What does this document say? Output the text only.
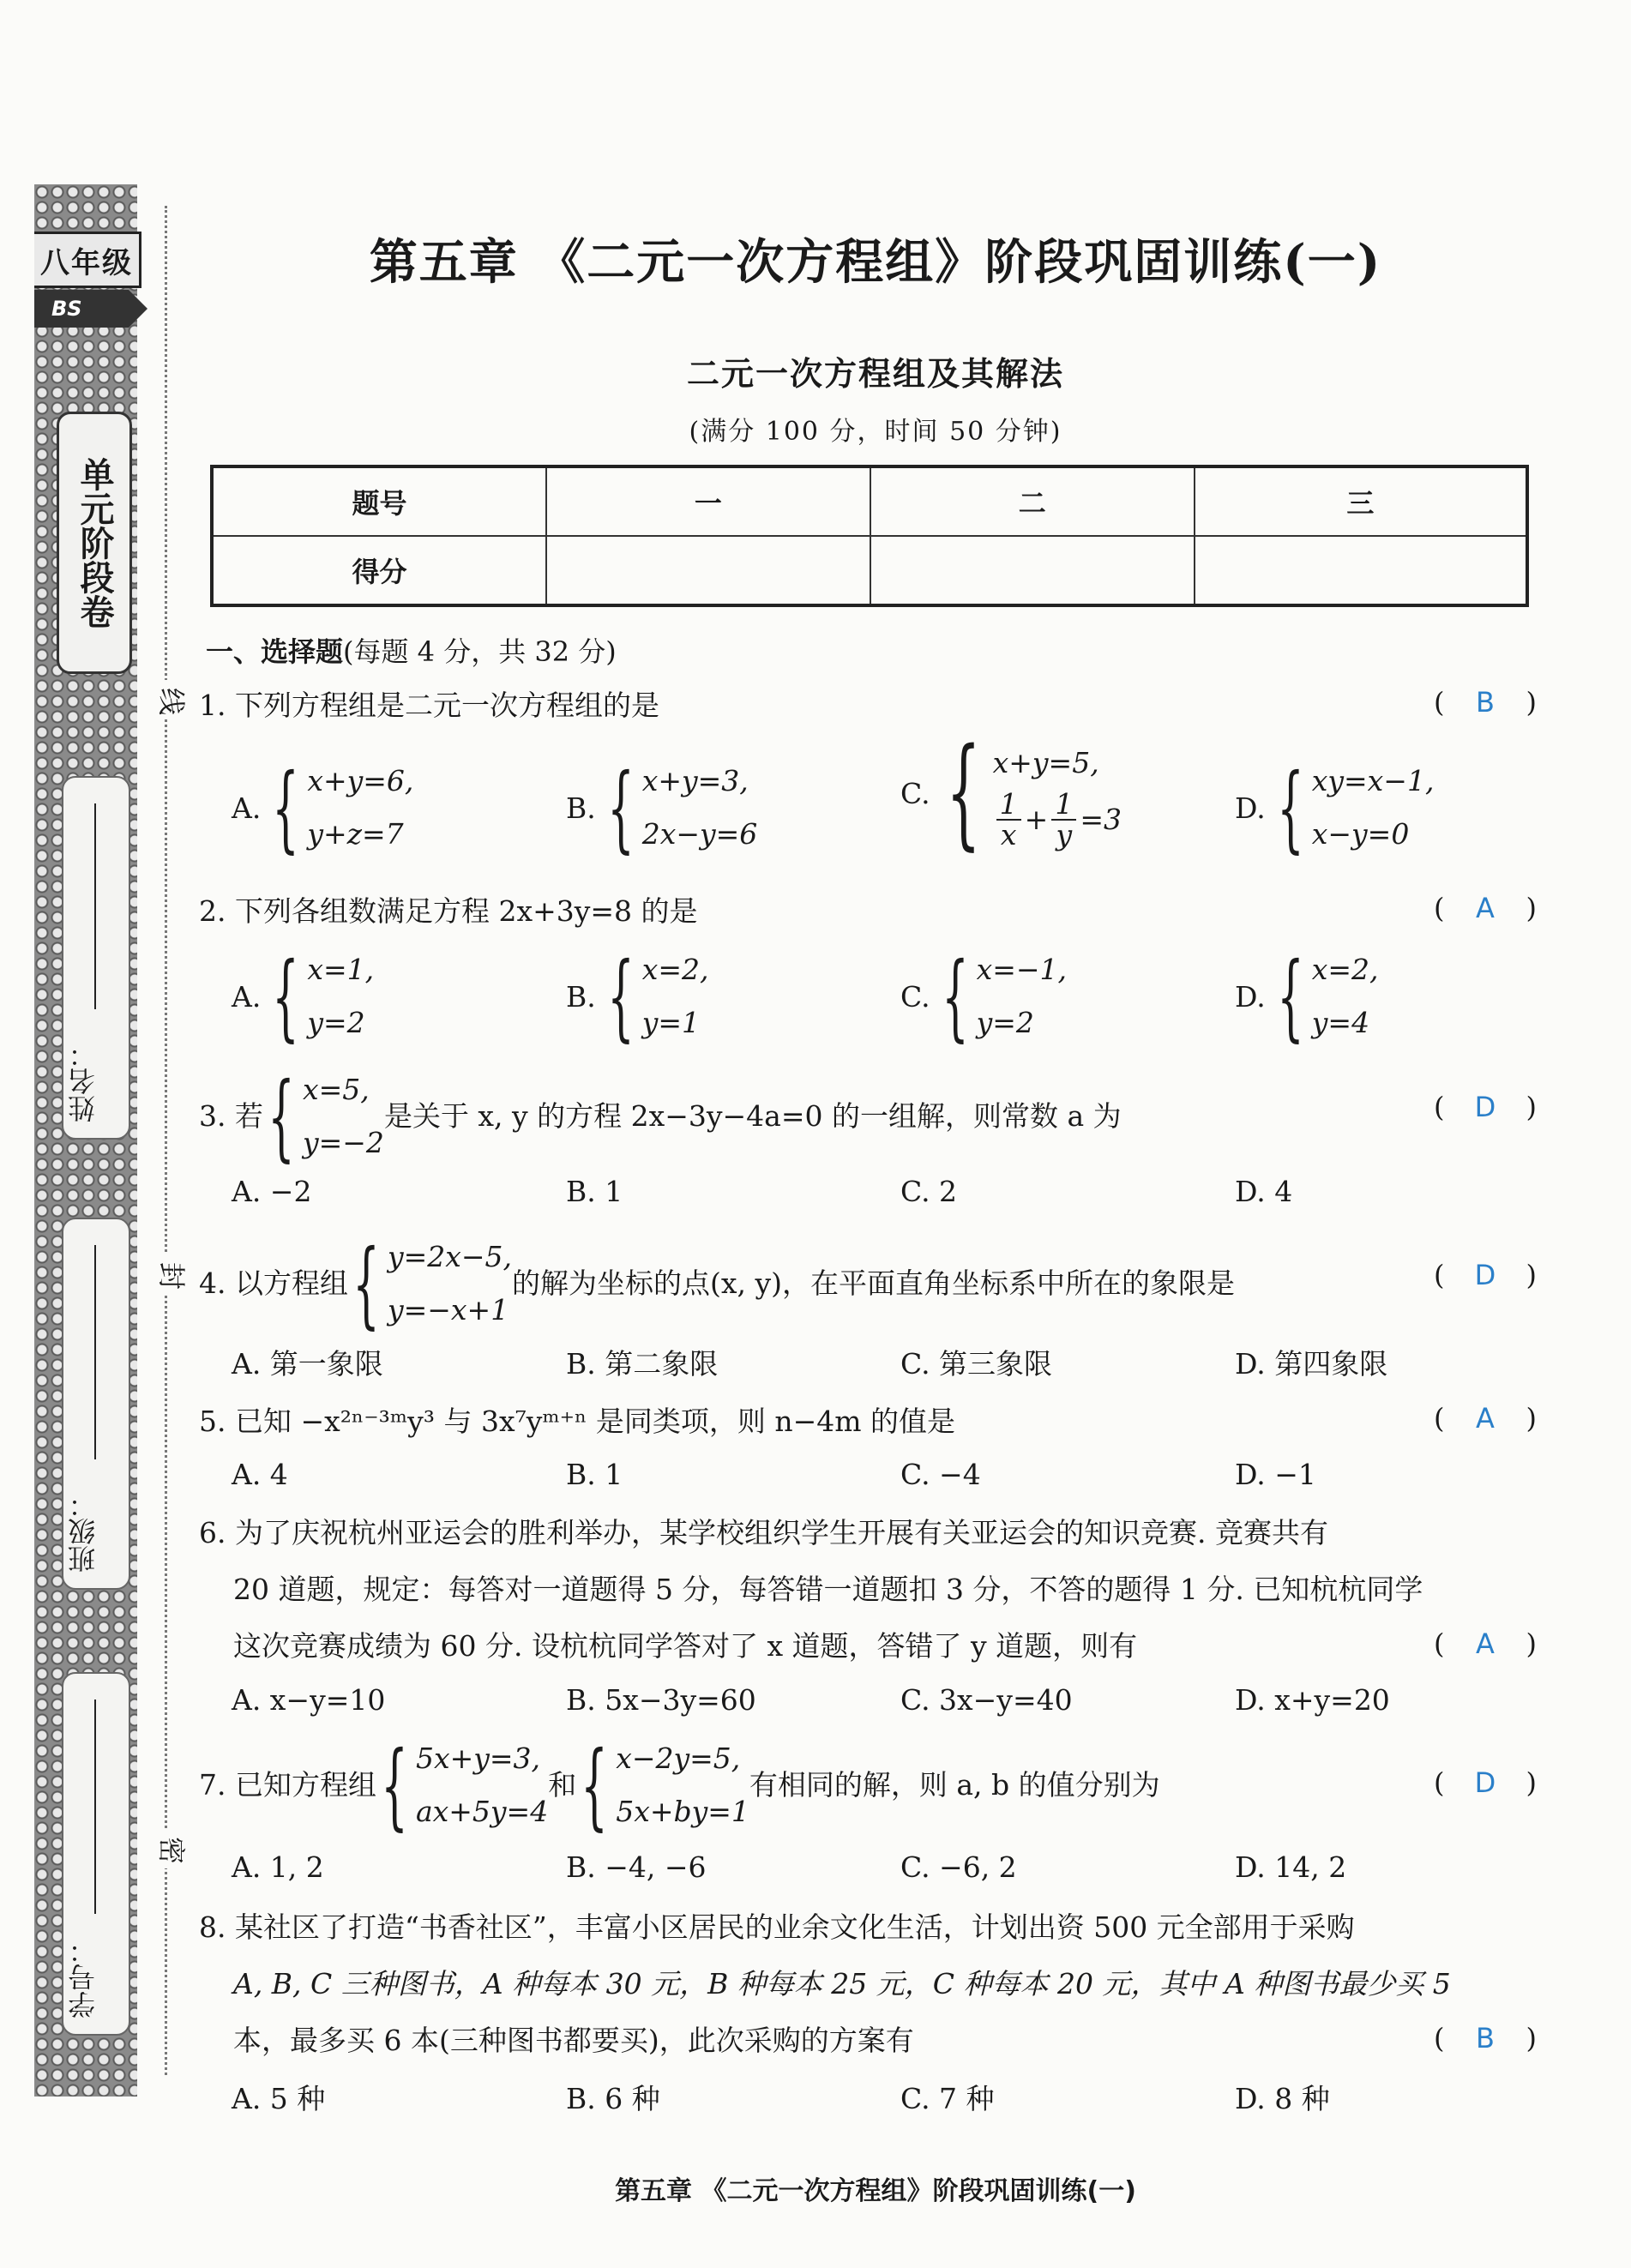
八年级
BS
单元阶段卷
姓名：
班级：
学号：
线
封
密
第五章 《二元一次方程组》阶段巩固训练(一)
二元一次方程组及其解法
(满分 100 分，时间 50 分钟)
题号	一	二	三
得分			
一、选择题(每题 4 分，共 32 分)

1. 下列方程组是二元一次方程组的是	( B )
A. { x+y=6,
y+z=7
B. { x+y=3,
2x−y=6
C. { x+y=5,
$\frac{1}{x} + \frac{1}{y} =3$	D. { xy=x−1,
x−y=0

2. 下列各组数满足方程 2x+3y=8 的是	( A )
A. { x=1,
y=2
B. { x=2,
y=1
C. { x=−1,
y=2
D. { x=2,
y=4
3. 若 { x=5,
y=−2
是关于 x, y 的方程 2x−3y−4a=0 的一组解，则常数 a 为	( D )
A. −2	B. 1	C. 2	D. 4
4. 以方程组 { y=2x−5,
y=−x+1
的解为坐标的点(x, y)，在平面直角坐标系中所在的象限是	( D )
A. 第一象限	B. 第二象限	C. 第三象限	D. 第四象限

5. 已知 −x²ⁿ⁻³ᵐy³ 与 3x⁷yᵐ⁺ⁿ 是同类项，则 n−4m 的值是	( A )
A. 4	B. 1	C. −4	D. −1

6. 为了庆祝杭州亚运会的胜利举办，某学校组织学生开展有关亚运会的知识竞赛. 竞赛共有

20 道题，规定：每答对一道题得 5 分，每答错一道题扣 3 分，不答的题得 1 分. 已知杭杭同学

这次竞赛成绩为 60 分. 设杭杭同学答对了 x 道题，答错了 y 道题，则有	( A )
A. x−y=10	B. 5x−3y=60	C. 3x−y=40	D. x+y=20
7. 已知方程组 { 5x+y=3,
ax+5y=4
和 { x−2y=5,
5x+by=1
有相同的解，则 a, b 的值分别为	( D )
A. 1, 2	B. −4, −6	C. −6, 2	D. 14, 2

8. 某社区了打造“书香社区”，丰富小区居民的业余文化生活，计划出资 500 元全部用于采购

A, B, C 三种图书，A 种每本 30 元，B 种每本 25 元，C 种每本 20 元，其中 A 种图书最少买 5

本，最多买 6 本(三种图书都要买)，此次采购的方案有	( B )
A. 5 种	B. 6 种	C. 7 种	D. 8 种
第五章 《二元一次方程组》阶段巩固训练(一)
